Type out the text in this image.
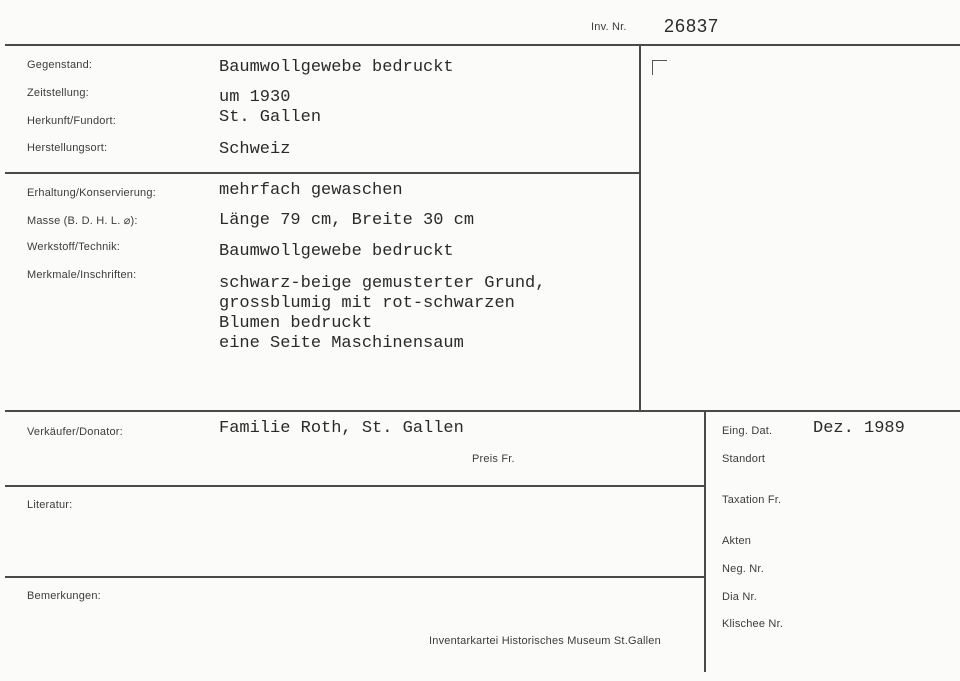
Inv. Nr. 26837
Gegenstand:	Baumwollgewebe bedruckt
Zeitstellung:	um 1930
Herkunft/Fundort:	St. Gallen
Herstellungsort:	Schweiz
Erhaltung/Konservierung:	mehrfach gewaschen
Masse (B. D. H. L. ⌀):	Länge 79 cm, Breite 30 cm
Werkstoff/Technik:	Baumwollgewebe bedruckt
Merkmale/Inschriften:	schwarz-beige gemusterter Grund,
grossblumig mit rot-schwarzen
Blumen bedruckt
eine Seite Maschinensaum
Verkäufer/Donator:	Familie Roth, St. Gallen
Preis Fr.
Literatur:
Bemerkungen:
Inventarkartei Historisches Museum St.Gallen
Eing. Dat. Dez. 1989
Standort
Taxation Fr.
Akten
Neg. Nr.
Dia Nr.
Klischee Nr.
